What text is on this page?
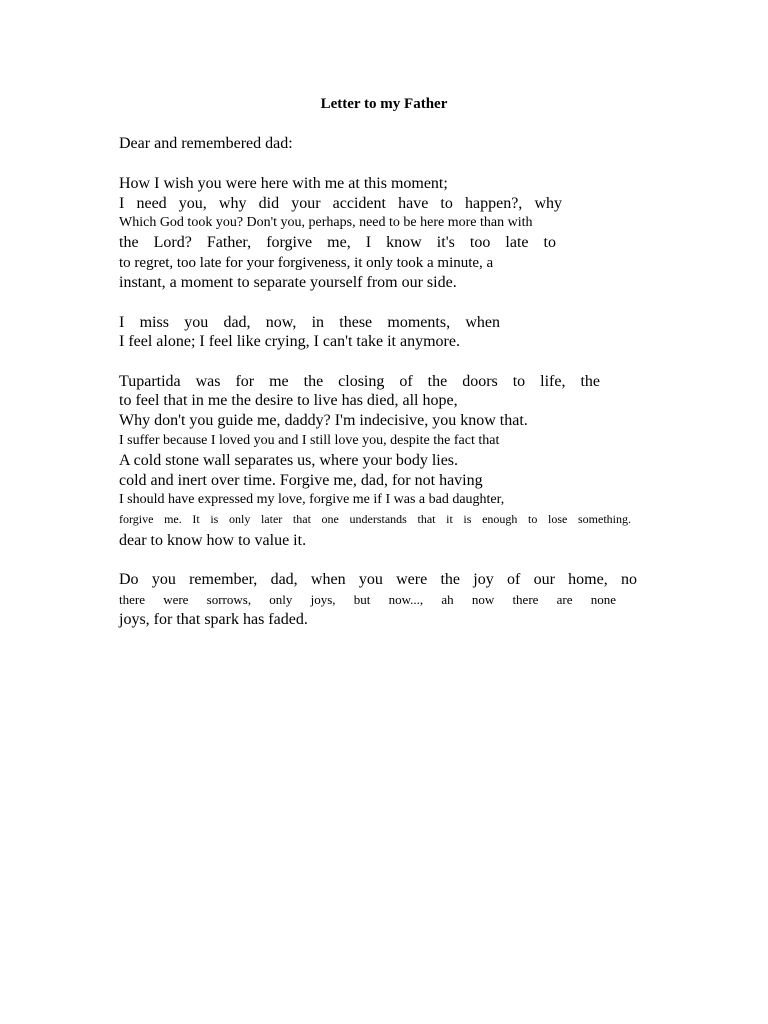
Letter to my Father

Dear and remembered dad:

How I wish you were here with me at this moment;

I need you, why did your accident have to happen?, why

Which God took you? Don't you, perhaps, need to be here more than with

the Lord? Father, forgive me, I know it's too late to

to regret, too late for your forgiveness, it only took a minute, a

instant, a moment to separate yourself from our side.

I miss you dad, now, in these moments, when

I feel alone; I feel like crying, I can't take it anymore.

Tupartida was for me the closing of the doors to life, the

to feel that in me the desire to live has died, all hope,

Why don't you guide me, daddy? I'm indecisive, you know that.

I suffer because I loved you and I still love you, despite the fact that

A cold stone wall separates us, where your body lies.

cold and inert over time. Forgive me, dad, for not having

I should have expressed my love, forgive me if I was a bad daughter,

forgive me. It is only later that one understands that it is enough to lose something.

dear to know how to value it.

Do you remember, dad, when you were the joy of our home, no

there were sorrows, only joys, but now..., ah now there are none

joys, for that spark has faded.
